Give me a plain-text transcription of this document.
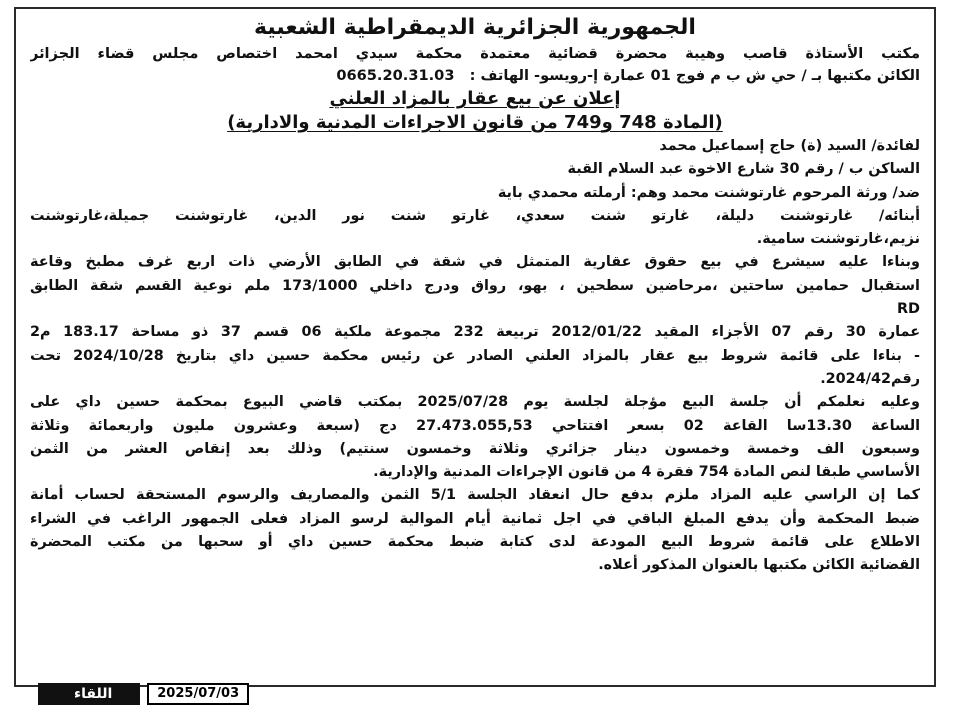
الجمهورية الجزائرية الديمقراطية الشعبية
مكتب الأستاذة قاصب وهيبة محضرة قضائية معتمدة محكمة سيدي امحمد اختصاص مجلس قضاء الجزائر
الكائن مكتبها بـ / حي ش ب م فوج 01 عمارة إ-رويسو- الهاتف : 0665.20.31.03
إعلان عن بيع عقار بالمزاد العلني
(المادة 748 و749 من قانون الاجراءات المدنية والادارية)
لفائدة/ السيد (ة) حاج إسماعيل محمد
الساكن ب / رقم 30 شارع الاخوة عبد السلام القبة
ضد/ ورثة المرحوم غارتوشنت محمد وهم: أرملته محمدي باية
أبنائه/ غارتوشنت دليلة، غارتو شنت سعدي، غارتو شنت نور الدين، غارتوشنت جميلة،غارتوشنت
نزيم،غارتوشنت سامية.
وبناءا عليه سيشرع في بيع حقوق عقارية المتمثل في شقة في الطابق الأرضي ذات اربع غرف مطبخ وقاعة
استقبال حمامين ساحتين ،مرحاضين سطحين ، بهو، رواق ودرج داخلي 173/1000 ملم نوعية القسم شقة الطابق
RD
عمارة 30 رقم 07 الأجزاء المقيد 2012/01/22 تربيعة 232 مجموعة ملكية 06 قسم 37 ذو مساحة 183.17 م2
- بناءا على قائمة شروط بيع عقار بالمزاد العلني الصادر عن رئيس محكمة حسين داي بتاريخ 2024/10/28 تحت
رقم2024/42.
وعليه نعلمكم أن جلسة البيع مؤجلة لجلسة يوم 2025/07/28 بمكتب قاضي البيوع بمحكمة حسين داي على
الساعة 13.30سا القاعة 02 بسعر افتتاحي 27.473.055,53 دج (سبعة وعشرون مليون واربعمائة وثلاثة
وسبعون الف وخمسة وخمسون دينار جزائري وثلاثة وخمسون سنتيم) وذلك بعد إنقاص العشر من الثمن
الأساسي طبقا لنص المادة 754 فقرة 4 من قانون الإجراءات المدنية والإدارية.
كما إن الراسي عليه المزاد ملزم بدفع حال انعقاد الجلسة 5/1 الثمن والمصاريف والرسوم المستحقة لحساب أمانة
ضبط المحكمة وأن يدفع المبلغ الباقي في اجل ثمانية أيام الموالية لرسو المزاد فعلى الجمهور الراغب في الشراء
الاطلاع على قائمة شروط البيع المودعة لدى كتابة ضبط محكمة حسين داي أو سحبها من مكتب المحضرة
القضائية الكائن مكتبها بالعنوان المذكور أعلاه.
اللقاء	2025/07/03
